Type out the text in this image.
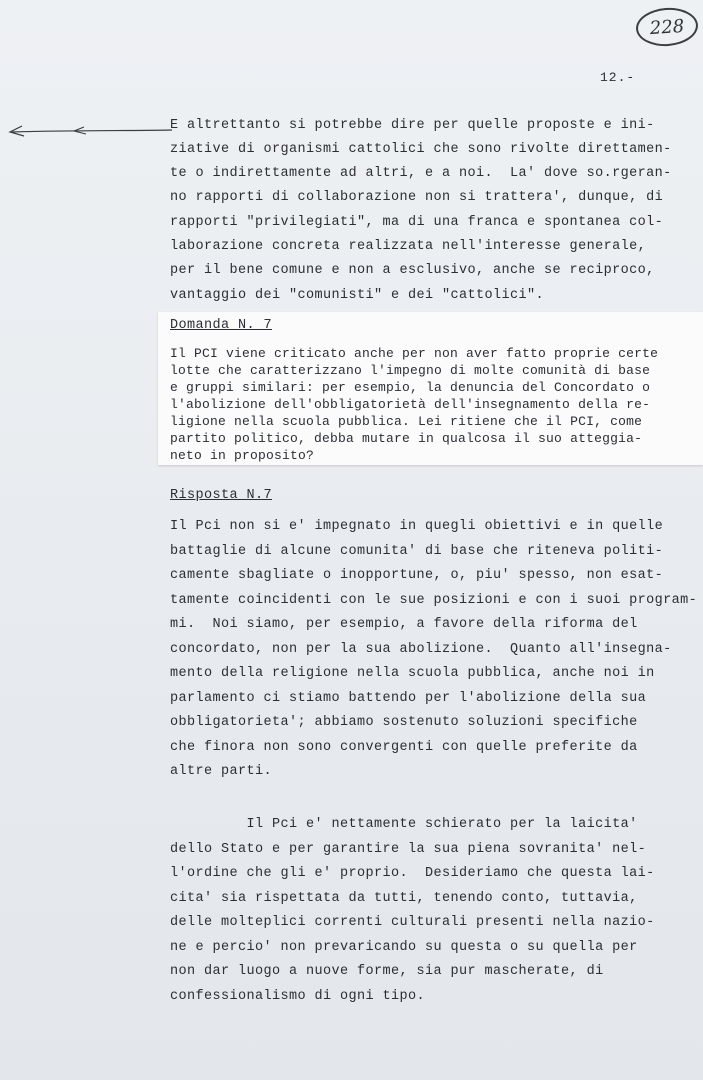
228
12.-

E altrettanto si potrebbe dire per quelle proposte e ini-

ziative di organismi cattolici che sono rivolte direttamen-

te o indirettamente ad altri, e a noi.  La' dove so.rgeran-

no rapporti di collaborazione non si trattera', dunque, di

rapporti "privilegiati", ma di una franca e spontanea col-

laborazione concreta realizzata nell'interesse generale,

per il bene comune e non a esclusivo, anche se reciproco,

vantaggio dei "comunisti" e dei "cattolici".

Domanda N. 7
Il PCI viene criticato anche per non aver fatto proprie certe
lotte che caratterizzano l'impegno di molte comunità di base
e gruppi similari: per esempio, la denuncia del Concordato o
l'abolizione dell'obbligatorietà dell'insegnamento della re-
ligione nella scuola pubblica. Lei ritiene che il PCI, come
partito politico, debba mutare in qualcosa il suo atteggia-
neto in proposito?
Risposta N.7

Il Pci non si e' impegnato in quegli obiettivi e in quelle

battaglie di alcune comunita' di base che riteneva politi-

camente sbagliate o inopportune, o, piu' spesso, non esat-

tamente coincidenti con le sue posizioni e con i suoi program-

mi.  Noi siamo, per esempio, a favore della riforma del

concordato, non per la sua abolizione.  Quanto all'insegna-

mento della religione nella scuola pubblica, anche noi in

parlamento ci stiamo battendo per l'abolizione della sua

obbligatorieta'; abbiamo sostenuto soluzioni specifiche

che finora non sono convergenti con quelle preferite da

altre parti.

Il Pci e' nettamente schierato per la laicita'

dello Stato e per garantire la sua piena sovranita' nel-

l'ordine che gli e' proprio.  Desideriamo che questa lai-

cita' sia rispettata da tutti, tenendo conto, tuttavia,

delle molteplici correnti culturali presenti nella nazio-

ne e percio' non prevaricando su questa o su quella per

non dar luogo a nuove forme, sia pur mascherate, di

confessionalismo di ogni tipo.
